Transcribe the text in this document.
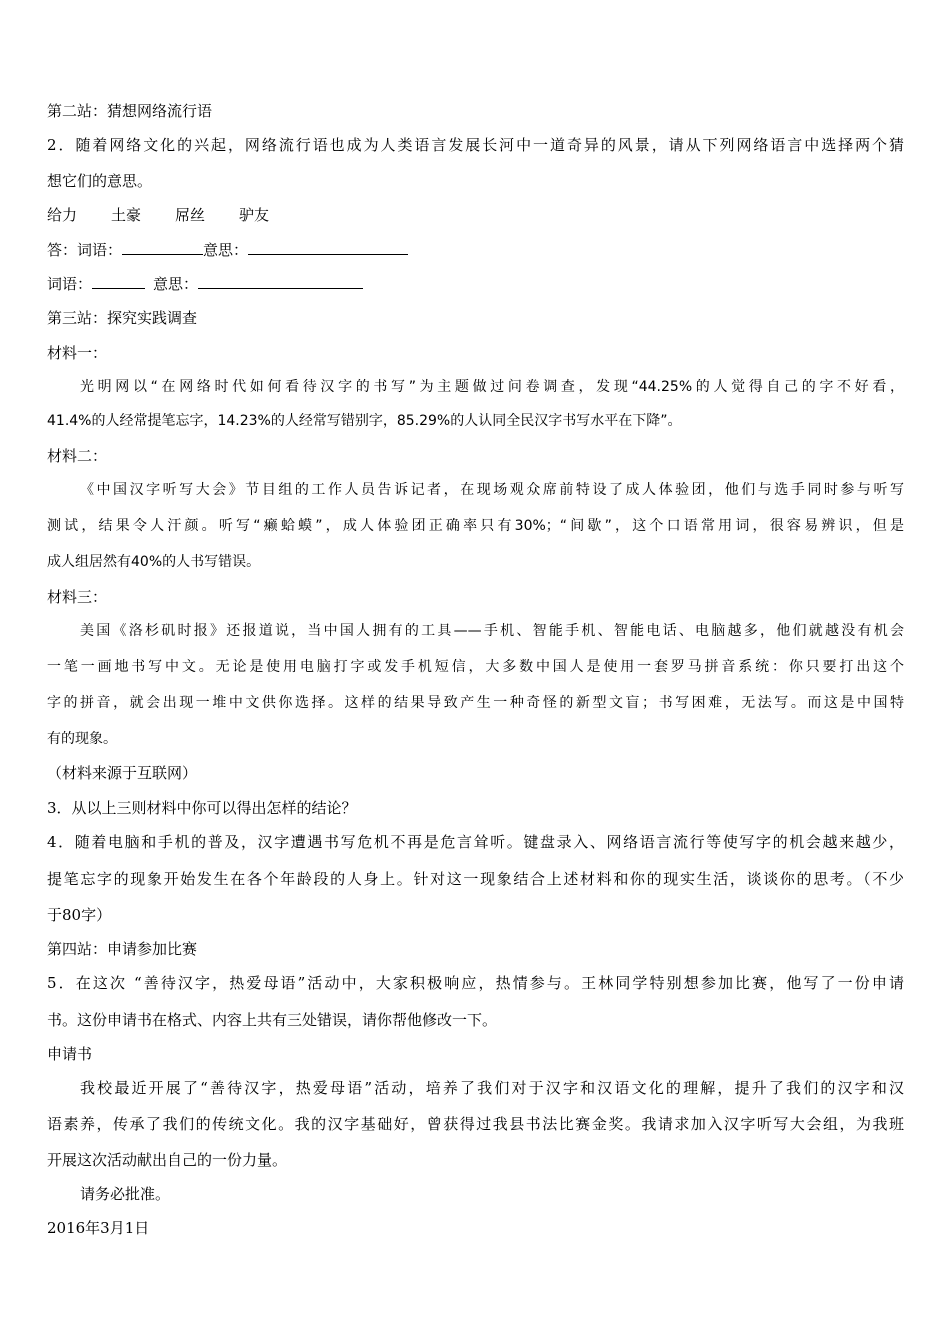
第二站：猜想网络流行语
2．随着网络文化的兴起，网络流行语也成为人类语言发展长河中一道奇异的风景，请从下列网络语言中选择两个猜
想它们的意思。
给力 土豪 屌丝 驴友
答：词语：	意思：
词语：	意思：
第三站：探究实践调查
材料一：
光明网以“在网络时代如何看待汉字的书写”为主题做过问卷调查，发现“44.25%的人觉得自己的字不好看，
41.4%的人经常提笔忘字，14.23%的人经常写错别字，85.29%的人认同全民汉字书写水平在下降”。
材料二：
《中国汉字听写大会》节目组的工作人员告诉记者，在现场观众席前特设了成人体验团，他们与选手同时参与听写
测试，结果令人汗颜。听写“癞蛤蟆”，成人体验团正确率只有30%；“间歇”，这个口语常用词，很容易辨识，但是
成人组居然有40%的人书写错误。
材料三：
美国《洛杉矶时报》还报道说，当中国人拥有的工具——手机、智能手机、智能电话、电脑越多，他们就越没有机会
一笔一画地书写中文。无论是使用电脑打字或发手机短信，大多数中国人是使用一套罗马拼音系统：你只要打出这个
字的拼音，就会出现一堆中文供你选择。这样的结果导致产生一种奇怪的新型文盲；书写困难，无法写。而这是中国特
有的现象。
（材料来源于互联网）
3．从以上三则材料中你可以得出怎样的结论？
4．随着电脑和手机的普及，汉字遭遇书写危机不再是危言耸听。键盘录入、网络语言流行等使写字的机会越来越少，
提笔忘字的现象开始发生在各个年龄段的人身上。针对这一现象结合上述材料和你的现实生活，谈谈你的思考。（不少
于80字）
第四站：申请参加比赛
5．在这次 “善待汉字，热爱母语”活动中，大家积极响应，热情参与。王林同学特别想参加比赛，他写了一份申请
书。这份申请书在格式、内容上共有三处错误，请你帮他修改一下。
申请书
我校最近开展了“善待汉字，热爱母语”活动，培养了我们对于汉字和汉语文化的理解，提升了我们的汉字和汉
语素养，传承了我们的传统文化。我的汉字基础好，曾获得过我县书法比赛金奖。我请求加入汉字听写大会组，为我班
开展这次活动献出自己的一份力量。
请务必批准。
2016年3月1日
